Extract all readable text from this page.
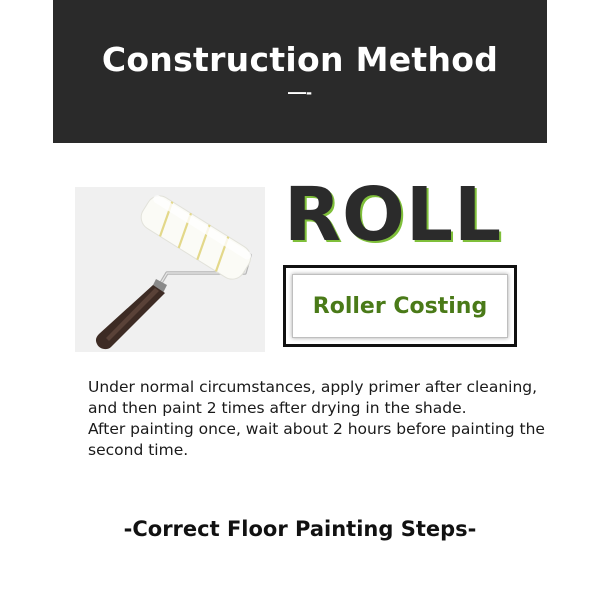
Construction Method
—-
ROLL
Roller Costing

Under normal circumstances, apply primer after cleaning, and then paint 2 times after drying in the shade.

After painting once, wait about 2 hours before painting the second time.

-Correct Floor Painting Steps-
